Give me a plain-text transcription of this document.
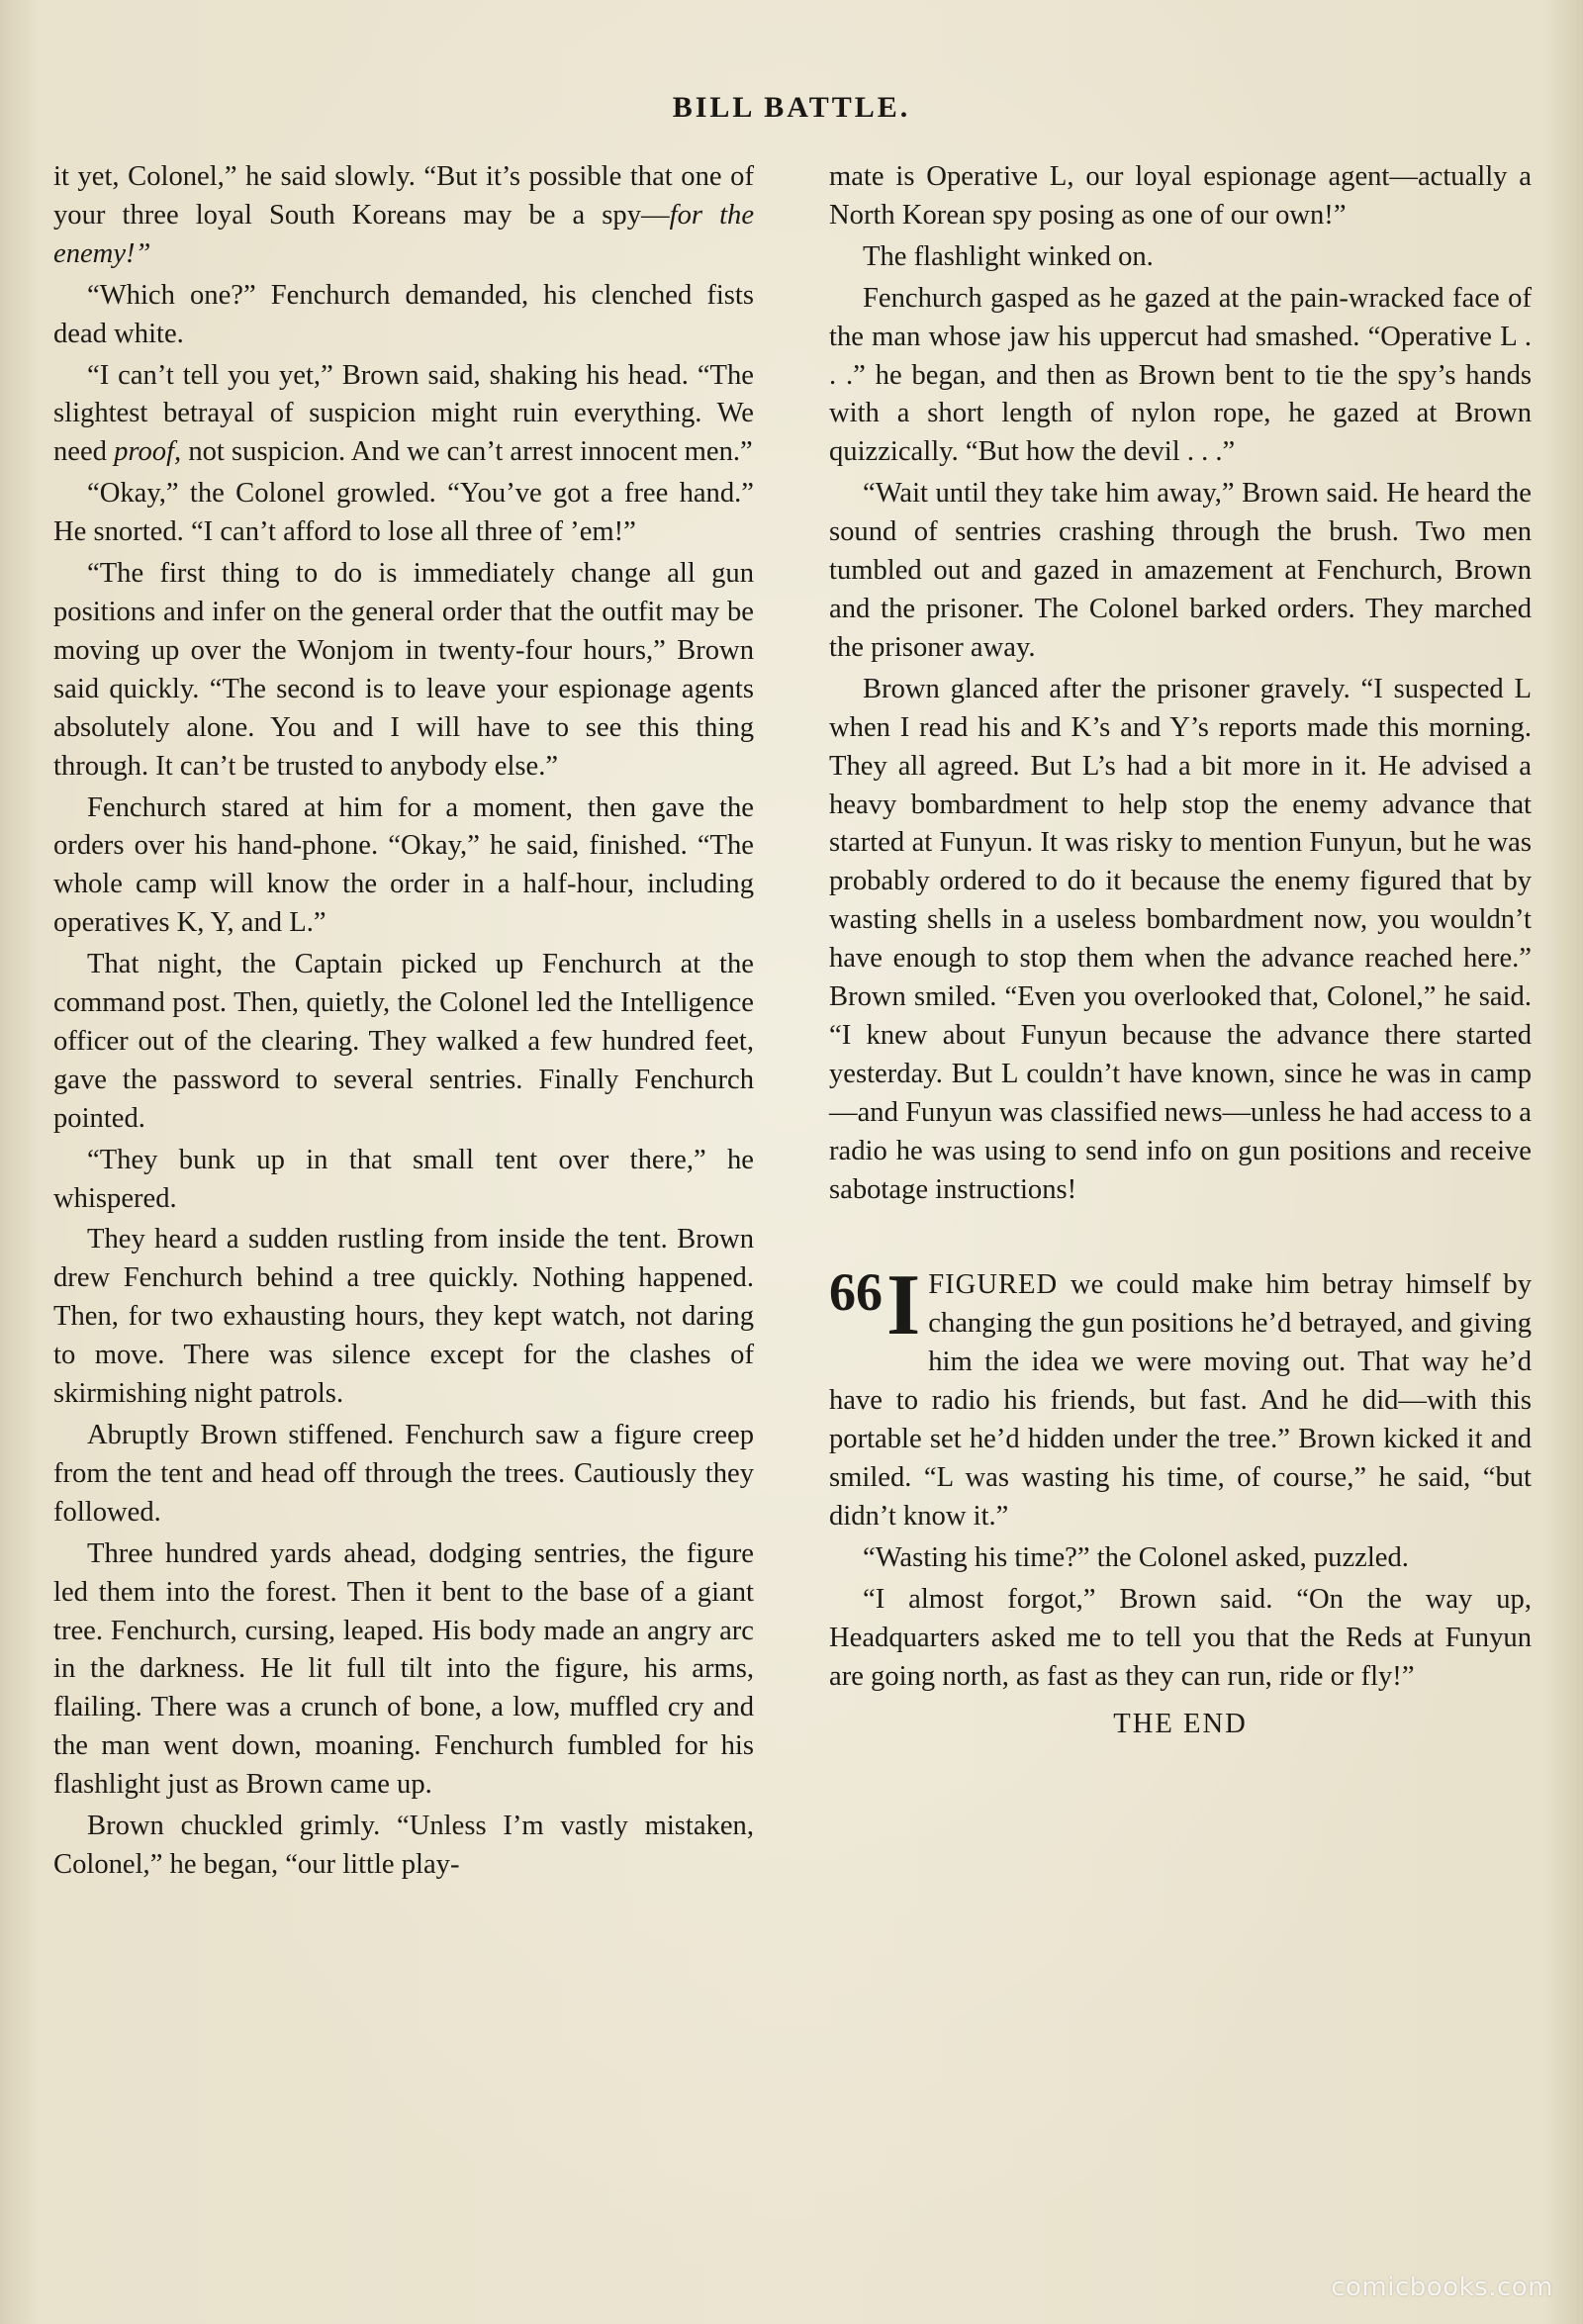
BILL BATTLE.

it yet, Colonel,” he said slowly. “But it’s possible that one of your three loyal South Koreans may be a spy—for the enemy!”

“Which one?” Fenchurch demanded, his clenched fists dead white.

“I can’t tell you yet,” Brown said, shaking his head. “The slightest betrayal of suspicion might ruin everything. We need proof, not suspicion. And we can’t arrest innocent men.”

“Okay,” the Colonel growled. “You’ve got a free hand.” He snorted. “I can’t afford to lose all three of ’em!”

“The first thing to do is immediately change all gun positions and infer on the general order that the outfit may be moving up over the Wonjom in twenty-four hours,” Brown said quickly. “The second is to leave your espionage agents absolutely alone. You and I will have to see this thing through. It can’t be trusted to anybody else.”

Fenchurch stared at him for a moment, then gave the orders over his hand-phone. “Okay,” he said, finished. “The whole camp will know the order in a half-hour, including operatives K, Y, and L.”

That night, the Captain picked up Fenchurch at the command post. Then, quietly, the Colonel led the Intelligence officer out of the clearing. They walked a few hundred feet, gave the password to several sentries. Finally Fenchurch pointed.

“They bunk up in that small tent over there,” he whispered.

They heard a sudden rustling from inside the tent. Brown drew Fenchurch behind a tree quickly. Nothing happened. Then, for two exhausting hours, they kept watch, not daring to move. There was silence except for the clashes of skirmishing night patrols.

Abruptly Brown stiffened. Fenchurch saw a figure creep from the tent and head off through the trees. Cautiously they followed.

Three hundred yards ahead, dodging sentries, the figure led them into the forest. Then it bent to the base of a giant tree. Fenchurch, cursing, leaped. His body made an angry arc in the darkness. He lit full tilt into the figure, his arms, flailing. There was a crunch of bone, a low, muffled cry and the man went down, moaning. Fenchurch fumbled for his flashlight just as Brown came up.

Brown chuckled grimly. “Unless I’m vastly mistaken, Colonel,” he began, “our little play-

mate is Operative L, our loyal espionage agent—actually a North Korean spy posing as one of our own!”

The flashlight winked on.

Fenchurch gasped as he gazed at the pain-wracked face of the man whose jaw his uppercut had smashed. “Operative L . . .” he began, and then as Brown bent to tie the spy’s hands with a short length of nylon rope, he gazed at Brown quizzically. “But how the devil . . .”

“Wait until they take him away,” Brown said. He heard the sound of sentries crashing through the brush. Two men tumbled out and gazed in amazement at Fenchurch, Brown and the prisoner. The Colonel barked orders. They marched the prisoner away.

Brown glanced after the prisoner gravely. “I suspected L when I read his and K’s and Y’s reports made this morning. They all agreed. But L’s had a bit more in it. He advised a heavy bombardment to help stop the enemy advance that started at Funyun. It was risky to mention Funyun, but he was probably ordered to do it because the enemy figured that by wasting shells in a useless bombardment now, you wouldn’t have enough to stop them when the advance reached here.” Brown smiled. “Even you overlooked that, Colonel,” he said. “I knew about Funyun because the advance there started yesterday. But L couldn’t have known, since he was in camp—and Funyun was classified news—unless he had access to a radio he was using to send info on gun positions and receive sabotage instructions!

66 I FIGURED we could make him betray himself by changing the gun positions he’d betrayed, and giving him the idea we were moving out. That way he’d have to radio his friends, but fast. And he did—with this portable set he’d hidden under the tree.” Brown kicked it and smiled. “L was wasting his time, of course,” he said, “but didn’t know it.”

“Wasting his time?” the Colonel asked, puzzled.

“I almost forgot,” Brown said. “On the way up, Headquarters asked me to tell you that the Reds at Funyun are going north, as fast as they can run, ride or fly!”

THE END

comicbooks.com
